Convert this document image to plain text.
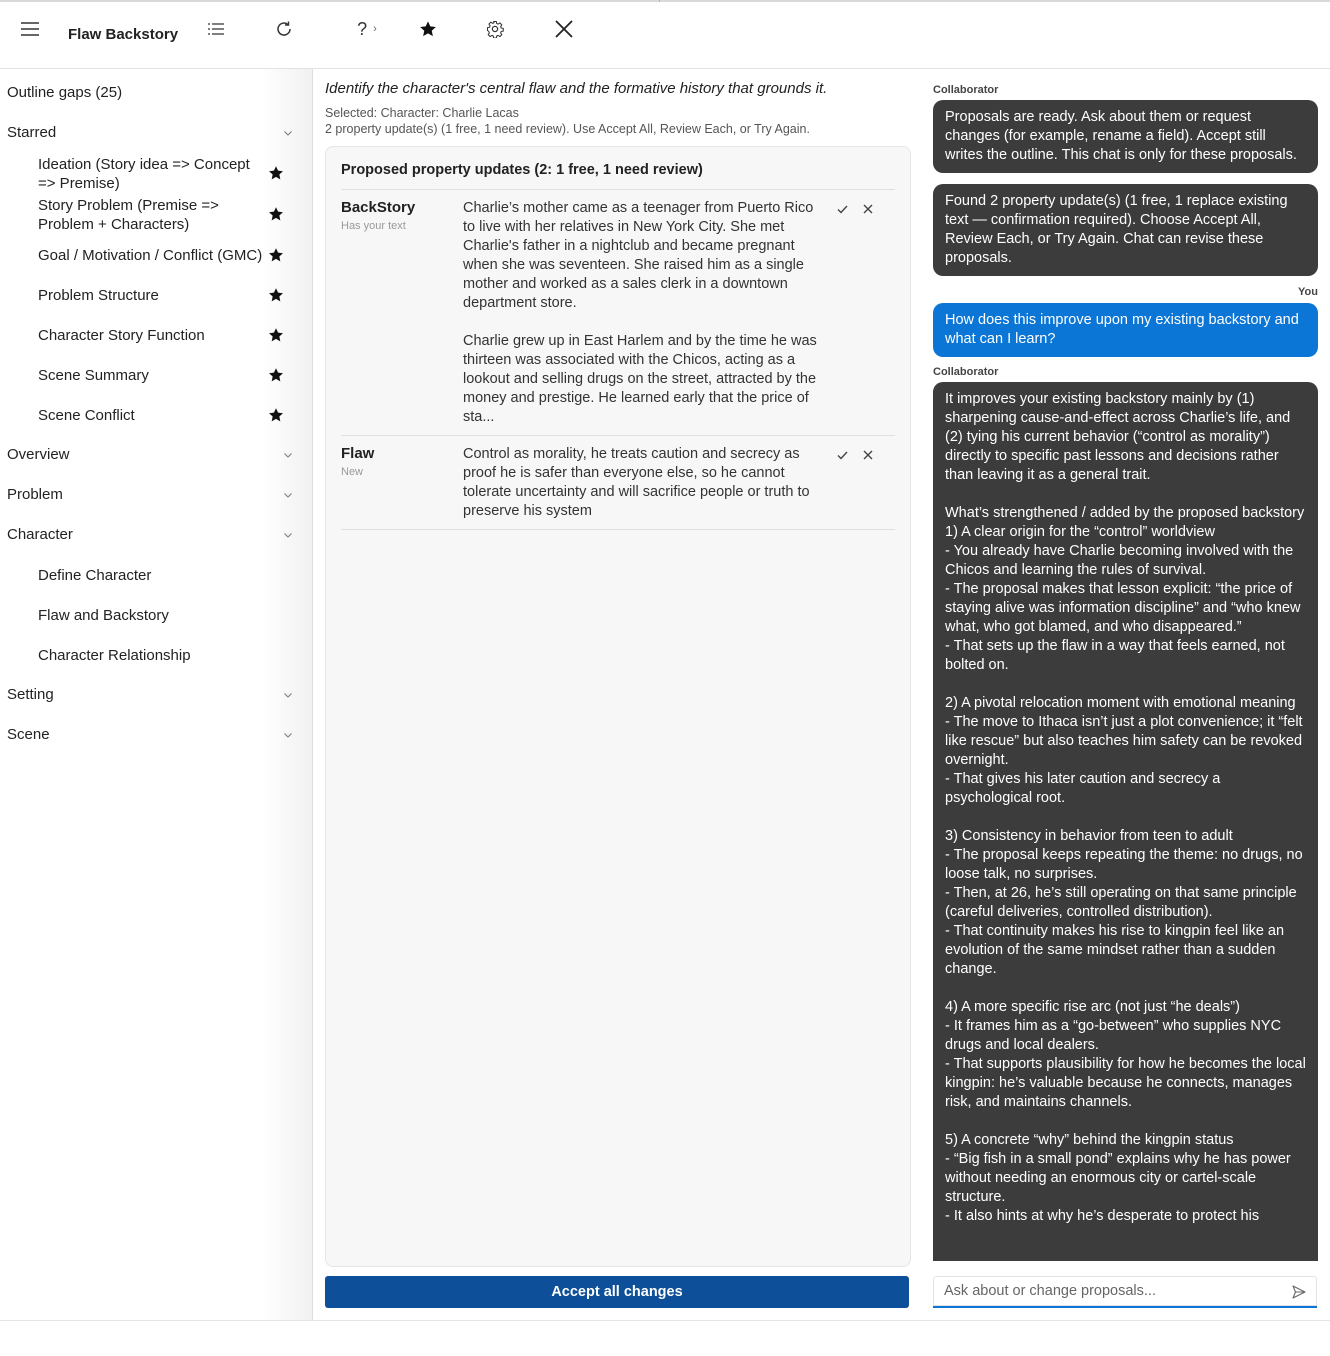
Flaw Backstory	? ›
Outline gaps (25)
Starred
Ideation (Story idea => Concept => Premise)
Story Problem (Premise => Problem + Characters)
Goal / Motivation / Conflict (GMC)
Problem Structure
Character Story Function
Scene Summary
Scene Conflict
Overview
Problem
Character
Define Character
Flaw and Backstory
Character Relationship
Setting
Scene
Identify the character's central flaw and the formative history that grounds it.
Selected: Character: Charlie Lacas
2 property update(s) (1 free, 1 need review). Use Accept All, Review Each, or Try Again.
Proposed property updates (2: 1 free, 1 need review)
BackStory
Has your text
Charlie’s mother came as a teenager from Puerto Rico to live with her relatives in New York City. She met Charlie's father in a nightclub and became pregnant when she was seventeen. She raised him as a single mother and worked as a sales clerk in a downtown department store.

Charlie grew up in East Harlem and by the time he was thirteen was associated with the Chicos, acting as a lookout and selling drugs on the street, attracted by the money and prestige. He learned early that the price of sta...
Flaw
New
Control as morality, he treats caution and secrecy as proof he is safer than everyone else, so he cannot tolerate uncertainty and will sacrifice people or truth to preserve his system
Accept all changes
Collaborator
Proposals are ready. Ask about them or request changes (for example, rename a field). Accept still writes the outline. This chat is only for these proposals.
Found 2 property update(s) (1 free, 1 replace existing text — confirmation required). Choose Accept All, Review Each, or Try Again. Chat can revise these proposals.
You
How does this improve upon my existing backstory and what can I learn?
Collaborator
It improves your existing backstory mainly by (1) sharpening cause-and-effect across Charlie’s life, and (2) tying his current behavior (“control as morality”) directly to specific past lessons and decisions rather than leaving it as a general trait.

What’s strengthened / added by the proposed backstory
1) A clear origin for the “control” worldview
- You already have Charlie becoming involved with the Chicos and learning the rules of survival.
- The proposal makes that lesson explicit: “the price of staying alive was information discipline” and “who knew what, who got blamed, and who disappeared.”
- That sets up the flaw in a way that feels earned, not bolted on.

2) A pivotal relocation moment with emotional meaning
- The move to Ithaca isn’t just a plot convenience; it “felt like rescue” but also teaches him safety can be revoked overnight.
- That gives his later caution and secrecy a psychological root.

3) Consistency in behavior from teen to adult
- The proposal keeps repeating the theme: no drugs, no loose talk, no surprises.
- Then, at 26, he’s still operating on that same principle (careful deliveries, controlled distribution).
- That continuity makes his rise to kingpin feel like an evolution of the same mindset rather than a sudden change.

4) A more specific rise arc (not just “he deals”)
- It frames him as a “go-between” who supplies NYC drugs and local dealers.
- That supports plausibility for how he becomes the local kingpin: he’s valuable because he connects, manages risk, and maintains channels.

5) A concrete “why” behind the kingpin status
- “Big fish in a small pond” explains why he has power without needing an enormous city or cartel-scale structure.
- It also hints at why he’s desperate to protect his
Ask about or change proposals...
